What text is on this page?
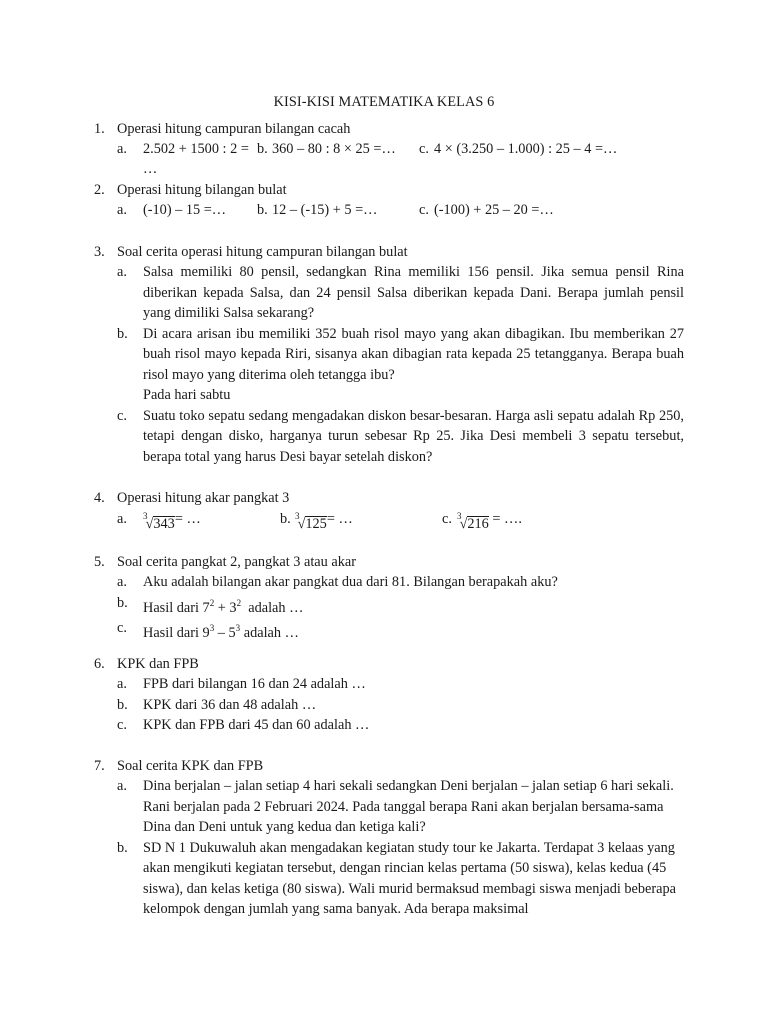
KISI-KISI MATEMATIKA KELAS 6
1. Operasi hitung campuran bilangan cacah
a.	2.502 + 1500 : 2 = …
b. 360 – 80 : 8 × 25 =… c. 4 × (3.250 – 1.000) : 25 – 4 =…
2. Operasi hitung bilangan bulat
a.	(-10) – 15 =… b. 12 – (-15) + 5 =…	c. (-100) + 25 – 20 =…
3. Soal cerita operasi hitung campuran bilangan bulat
a.	Salsa memiliki 80 pensil, sedangkan Rina memiliki 156 pensil. Jika semua pensil Rina diberikan kepada Salsa, dan 24 pensil Salsa diberikan kepada Dani. Berapa jumlah pensil yang dimiliki Salsa sekarang?
b.	Di acara arisan ibu memiliki 352 buah risol mayo yang akan dibagikan. Ibu memberikan 27 buah risol mayo kepada Riri, sisanya akan dibagian rata kepada 25 tetangganya. Berapa buah risol mayo yang diterima oleh tetangga ibu?
Pada hari sabtu
c.	Suatu toko sepatu sedang mengadakan diskon besar-besaran. Harga asli sepatu adalah Rp 250, tetapi dengan disko, harganya turun sebesar Rp 25. Jika Desi membeli 3 sepatu tersebut, berapa total yang harus Desi bayar setelah diskon?
4. Operasi hitung akar pangkat 3
a.	$^3$√343 = …	b. $^3$√125 = …	c. $^3$√216 = ….
5. Soal cerita pangkat 2, pangkat 3 atau akar
a.	Aku adalah bilangan akar pangkat dua dari 81. Bilangan berapakah aku?
b.	Hasil dari $7^2 + 3^2$  adalah …
c.	Hasil dari $9^3 - 5^3$ adalah …
6. KPK dan FPB
a.	FPB dari bilangan 16 dan 24 adalah …
b.	KPK dari 36 dan 48 adalah …
c.	KPK dan FPB dari 45 dan 60 adalah …
7. Soal cerita KPK dan FPB
a.	Dina berjalan – jalan setiap 4 hari sekali sedangkan Deni berjalan – jalan setiap 6 hari sekali. Rani berjalan pada 2 Februari 2024. Pada tanggal berapa Rani akan berjalan bersama-sama Dina dan Deni untuk yang kedua dan ketiga kali?
b.	SD N 1 Dukuwaluh akan mengadakan kegiatan study tour ke Jakarta. Terdapat 3 kelaas yang akan mengikuti kegiatan tersebut, dengan rincian kelas pertama (50 siswa), kelas kedua (45 siswa), dan kelas ketiga (80 siswa). Wali murid bermaksud membagi siswa menjadi beberapa kelompok dengan jumlah yang sama banyak. Ada berapa maksimal
